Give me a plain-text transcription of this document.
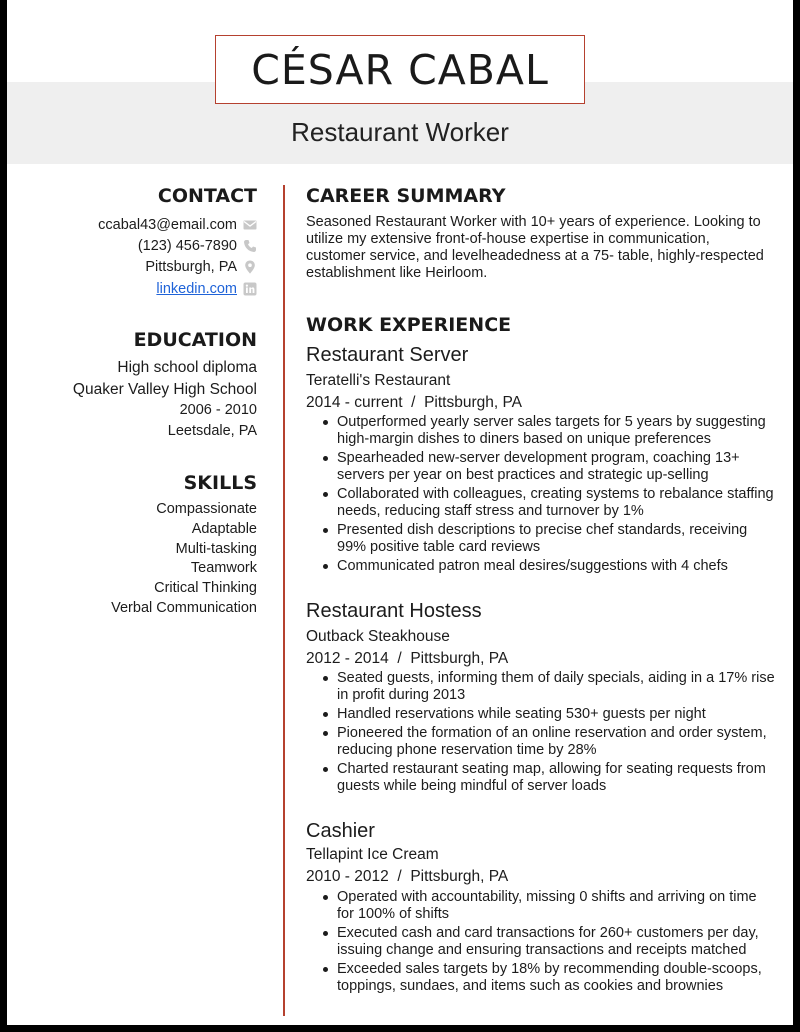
CÉSAR CABAL
Restaurant Worker
CONTACT
ccabal43@email.com
(123) 456-7890
Pittsburgh, PA
linkedin.com
EDUCATION
High school diploma
Quaker Valley High School
2006 - 2010
Leetsdale, PA
SKILLS
Compassionate
Adaptable
Multi-tasking
Teamwork
Critical Thinking
Verbal Communication
CAREER SUMMARY
Seasoned Restaurant Worker with 10+ years of experience. Looking to utilize my extensive front-of-house expertise in communication, customer service, and levelheadedness at a 75- table, highly-respected establishment like Heirloom.
WORK EXPERIENCE
Restaurant Server
Teratelli's Restaurant
2014 - current / Pittsburgh, PA
Outperformed yearly server sales targets for 5 years by suggesting high-margin dishes to diners based on unique preferences
Spearheaded new-server development program, coaching 13+ servers per year on best practices and strategic up-selling
Collaborated with colleagues, creating systems to rebalance staffing needs, reducing staff stress and turnover by 1%
Presented dish descriptions to precise chef standards, receiving 99% positive table card reviews
Communicated patron meal desires/suggestions with 4 chefs
Restaurant Hostess
Outback Steakhouse
2012 - 2014 / Pittsburgh, PA
Seated guests, informing them of daily specials, aiding in a 17% rise in profit during 2013
Handled reservations while seating 530+ guests per night
Pioneered the formation of an online reservation and order system, reducing phone reservation time by 28%
Charted restaurant seating map, allowing for seating requests from guests while being mindful of server loads
Cashier
Tellapint Ice Cream
2010 - 2012 / Pittsburgh, PA
Operated with accountability, missing 0 shifts and arriving on time for 100% of shifts
Executed cash and card transactions for 260+ customers per day, issuing change and ensuring transactions and receipts matched
Exceeded sales targets by 18% by recommending double-scoops, toppings, sundaes, and items such as cookies and brownies
